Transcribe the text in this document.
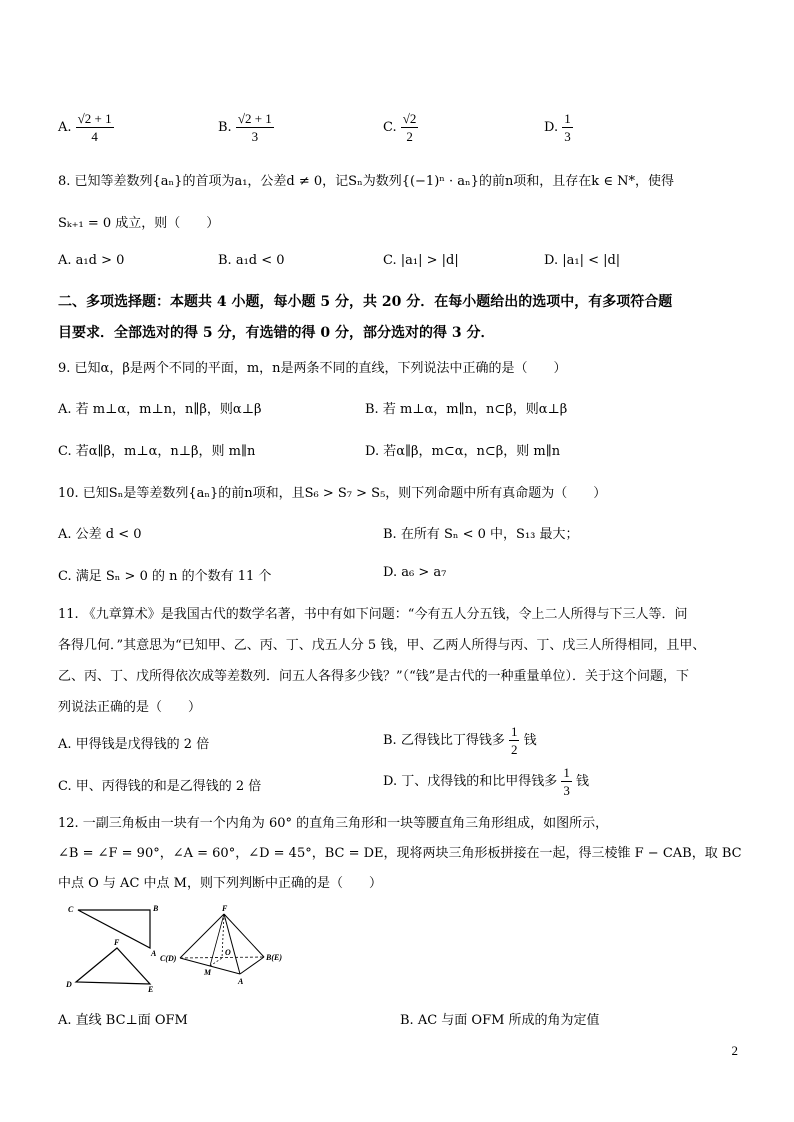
A. $\frac{√2 + 1}{4}$	B. $\frac{√2 + 1}{3}$	C. $\frac{√2}{2}$	D. $\frac{1}{3}$
8. 已知等差数列{aₙ}的首项为a₁，公差d ≠ 0，记Sₙ为数列{(−1)ⁿ · aₙ}的前n项和，且存在k ∈ N*，使得
Sₖ₊₁ = 0 成立，则（　　）
A. a₁d > 0	B. a₁d < 0	C. |a₁| > |d|	D. |a₁| < |d|
二、多项选择题：本题共 4 小题，每小题 5 分，共 20 分．在每小题给出的选项中，有多项符合题
目要求．全部选对的得 5 分，有选错的得 0 分，部分选对的得 3 分．
9. 已知α，β是两个不同的平面，m，n是两条不同的直线，下列说法中正确的是（　　）
A. 若 m⊥α，m⊥n，n∥β，则α⊥β	B. 若 m⊥α，m∥n，n⊂β，则α⊥β
C. 若α∥β，m⊥α，n⊥β，则 m∥n	D. 若α∥β，m⊂α，n⊂β，则 m∥n
10. 已知Sₙ是等差数列{aₙ}的前n项和，且S₆ > S₇ > S₅，则下列命题中所有真命题为（　　）
A. 公差 d < 0	B. 在所有 Sₙ < 0 中，S₁₃ 最大；
C. 满足 Sₙ > 0 的 n 的个数有 11 个	D. a₆ > a₇
11. 《九章算术》是我国古代的数学名著，书中有如下问题：“今有五人分五钱，令上二人所得与下三人等．问
各得几何．”其意思为“已知甲、乙、丙、丁、戊五人分 5 钱，甲、乙两人所得与丙、丁、戊三人所得相同，且甲、
乙、丙、丁、戊所得依次成等差数列．问五人各得多少钱？”（“钱”是古代的一种重量单位）．关于这个问题，下
列说法正确的是（　　）
A. 甲得钱是戊得钱的 2 倍	B. 乙得钱比丁得钱多 $\frac{1}{2}$ 钱
C. 甲、丙得钱的和是乙得钱的 2 倍	D. 丁、戊得钱的和比甲得钱多 $\frac{1}{3}$ 钱
12. 一副三角板由一块有一个内角为 60° 的直角三角形和一块等腰直角三角形组成，如图所示，
∠B = ∠F = 90°，∠A = 60°，∠D = 45°，BC = DE，现将两块三角形板拼接在一起，得三棱锥 F − CAB，取 BC
中点 O 与 AC 中点 M，则下列判断中正确的是（　　）
C	B
A
F
D
E
F
O
C(D)	B(E)
M
A
A. 直线 BC⊥面 OFM	B. AC 与面 OFM 所成的角为定值
2
